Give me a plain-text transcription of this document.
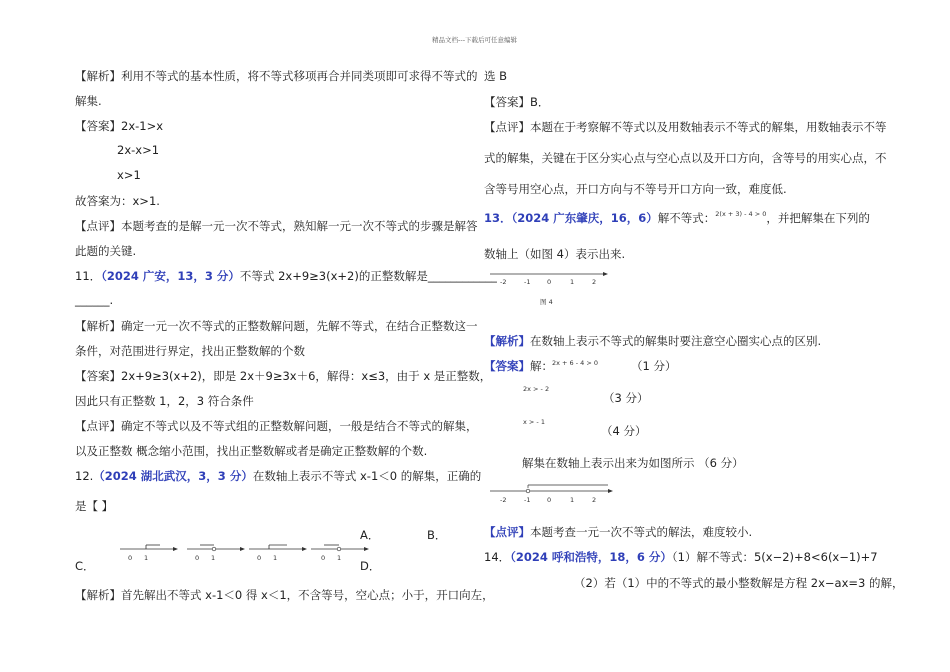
精品文档---下载后可任意编辑
【解析】利用不等式的基本性质，将不等式移项再合并同类项即可求得不等式的
解集.
【答案】2x-1>x
2x-x>1
x>1
故答案为：x>1.
【点评】本题考查的是解一元一次不等式，熟知解一元一次不等式的步骤是解答
此题的关键.
11．（2024 广安，13，3 分）不等式 2x+9≥3(x+2)的正整数解是____________
______.
【解析】确定一元一次不等式的正整数解问题，先解不等式，在结合正整数这一
条件，对范围进行界定，找出正整数解的个数
【答案】2x+9≥3(x+2)，即是 2x＋9≥3x＋6，解得：x≤3，由于 x 是正整数，
因此只有正整数 1，2，3 符合条件
【点评】确定不等式以及不等式组的正整数解问题，一般是结合不等式的解集，
以及正整数 概念缩小范围，找出正整数解或者是确定正整数解的个数.
12.（2024 湖北武汉，3，3 分）在数轴上表示不等式 x-1＜0 的解集，正确的
是【 】
A．	B．
C．	D．
0 1	0 1	0 1	0 1
【解析】首先解出不等式 x-1＜0 得 x＜1，不含等号，空心点；小于，开口向左，
选 B
【答案】B．
【点评】本题在于考察解不等式以及用数轴表示不等式的解集，用数轴表示不等
式的解集，关键在于区分实心点与空心点以及开口方向，含等号的用实心点，不
含等号用空心点，开口方向与不等号开口方向一致，难度低.
13．（2024 广东肇庆，16，6）解不等式：$^{2(x + 3) - 4 > 0}$，并把解集在下列的
数轴上（如图 4）表示出来.
-2	-1	0	1	2
图 4
【解析】在数轴上表示不等式的解集时要注意空心圈实心点的区别.
【答案】解： 2x + 6 - 4 > 0	（1 分）
2x > - 2
（3 分）
x > - 1
（4 分）
解集在数轴上表示出来为如图所示 （6 分）
-2	-1	0	1	2
【点评】本题考查一元一次不等式的解法，难度较小.
14．（2024 呼和浩特，18，6 分）（1）解不等式：5(x−2)+8<6(x−1)+7
（2）若（1）中的不等式的最小整数解是方程 2x−ax=3 的解，
